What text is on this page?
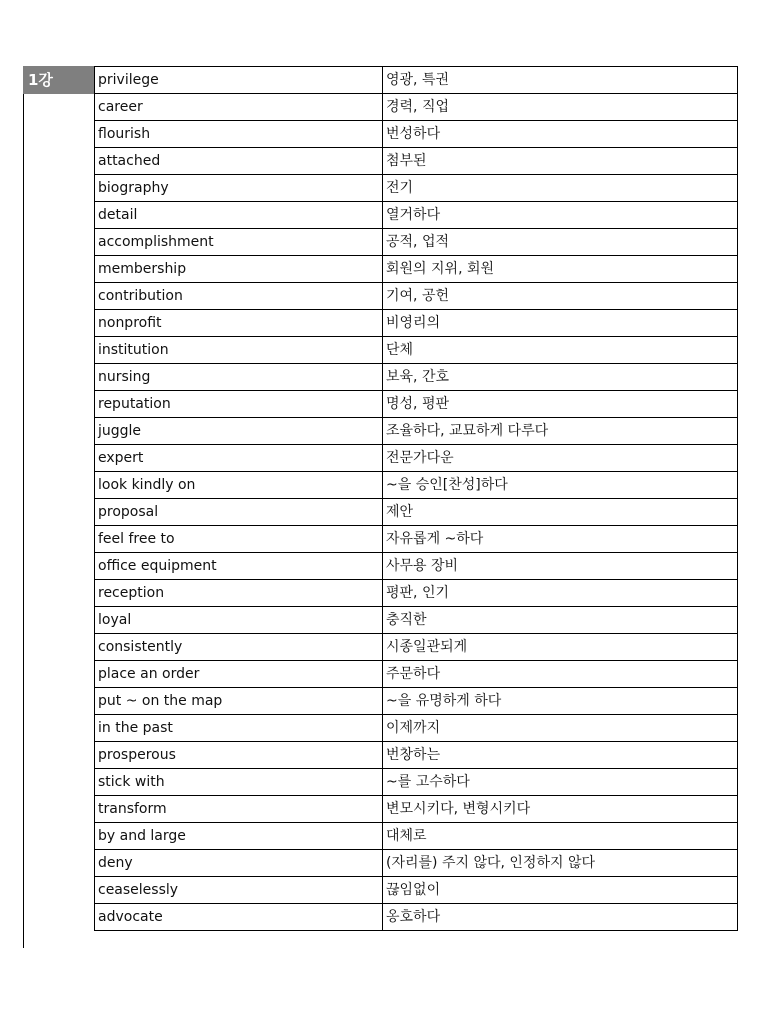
1강	privilege	영광, 특권
career	경력, 직업
flourish	번성하다
attached	첨부된
biography	전기
detail	열거하다
accomplishment	공적, 업적
membership	회원의 지위, 회원
contribution	기여, 공헌
nonprofit	비영리의
institution	단체
nursing	보육, 간호
reputation	명성, 평판
juggle	조율하다, 교묘하게 다루다
expert	전문가다운
look kindly on	~을 승인[찬성]하다
proposal	제안
feel free to	자유롭게 ~하다
office equipment	사무용 장비
reception	평판, 인기
loyal	충직한
consistently	시종일관되게
place an order	주문하다
put ~ on the map	~을 유명하게 하다
in the past	이제까지
prosperous	번창하는
stick with	~를 고수하다
transform	변모시키다, 변형시키다
by and large	대체로
deny	(자리를) 주지 않다, 인정하지 않다
ceaselessly	끊임없이
advocate	옹호하다
